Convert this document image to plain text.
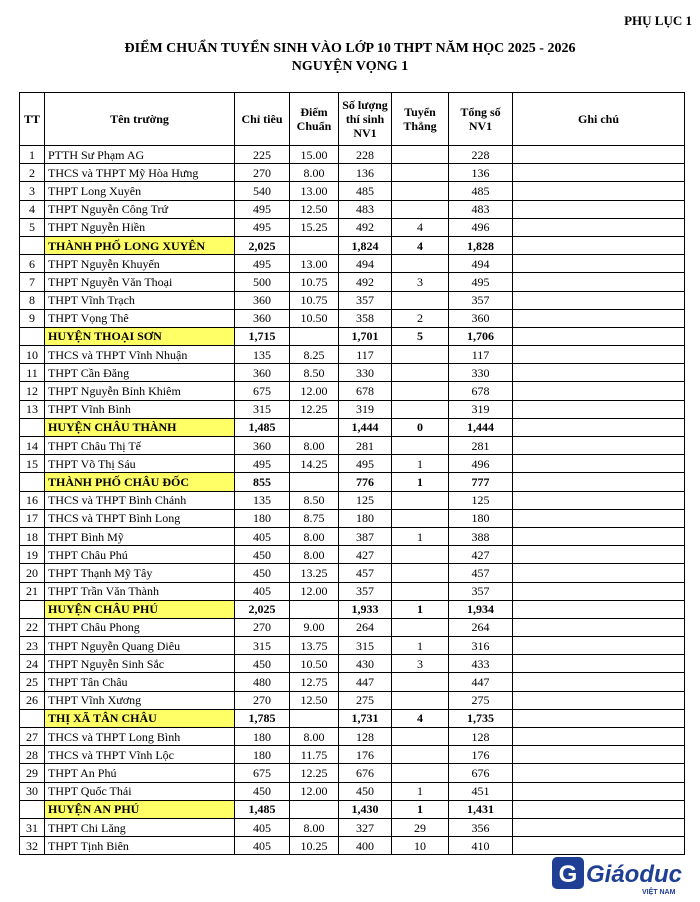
PHỤ LỤC 1
ĐIỂM CHUẨN TUYỂN SINH VÀO LỚP 10 THPT NĂM HỌC 2025 - 2026
NGUYỆN VỌNG 1
TT	Tên trường	Chỉ tiêu	Điểm Chuẩn	Số lượng thí sinh NV1	Tuyển Thẳng	Tổng số NV1	Ghi chú
1	PTTH Sư Phạm AG	225	15.00	228		228	
2	THCS và THPT Mỹ Hòa Hưng	270	8.00	136		136	
3	THPT Long Xuyên	540	13.00	485		485	
4	THPT Nguyễn Công Trứ	495	12.50	483		483	
5	THPT Nguyễn Hiền	495	15.25	492	4	496	
	THÀNH PHỐ LONG XUYÊN	2,025		1,824	4	1,828	
6	THPT Nguyễn Khuyến	495	13.00	494		494	
7	THPT Nguyễn Văn Thoại	500	10.75	492	3	495	
8	THPT Vĩnh Trạch	360	10.75	357		357	
9	THPT Vọng Thê	360	10.50	358	2	360	
	HUYỆN THOẠI SƠN	1,715		1,701	5	1,706	
10	THCS và THPT Vĩnh Nhuận	135	8.25	117		117	
11	THPT Cần Đăng	360	8.50	330		330	
12	THPT Nguyễn Bỉnh Khiêm	675	12.00	678		678	
13	THPT Vĩnh Bình	315	12.25	319		319	
	HUYỆN CHÂU THÀNH	1,485		1,444	0	1,444	
14	THPT Châu Thị Tế	360	8.00	281		281	
15	THPT Võ Thị Sáu	495	14.25	495	1	496	
	THÀNH PHỐ CHÂU ĐỐC	855		776	1	777	
16	THCS và THPT Bình Chánh	135	8.50	125		125	
17	THCS và THPT Bình Long	180	8.75	180		180	
18	THPT Bình Mỹ	405	8.00	387	1	388	
19	THPT Châu Phú	450	8.00	427		427	
20	THPT Thạnh Mỹ Tây	450	13.25	457		457	
21	THPT Trần Văn Thành	405	12.00	357		357	
	HUYỆN CHÂU PHÚ	2,025		1,933	1	1,934	
22	THPT Châu Phong	270	9.00	264		264	
23	THPT Nguyễn Quang Diêu	315	13.75	315	1	316	
24	THPT Nguyễn Sinh Sắc	450	10.50	430	3	433	
25	THPT Tân Châu	480	12.75	447		447	
26	THPT Vĩnh Xương	270	12.50	275		275	
	THỊ XÃ TÂN CHÂU	1,785		1,731	4	1,735	
27	THCS và THPT Long Bình	180	8.00	128		128	
28	THCS và THPT Vĩnh Lộc	180	11.75	176		176	
29	THPT An Phú	675	12.25	676		676	
30	THPT Quốc Thái	450	12.00	450	1	451	
	HUYỆN AN PHÚ	1,485		1,430	1	1,431	
31	THPT Chi Lăng	405	8.00	327	29	356	
32	THPT Tịnh Biên	405	10.25	400	10	410	
G Giáoduc
VIỆT NAM
